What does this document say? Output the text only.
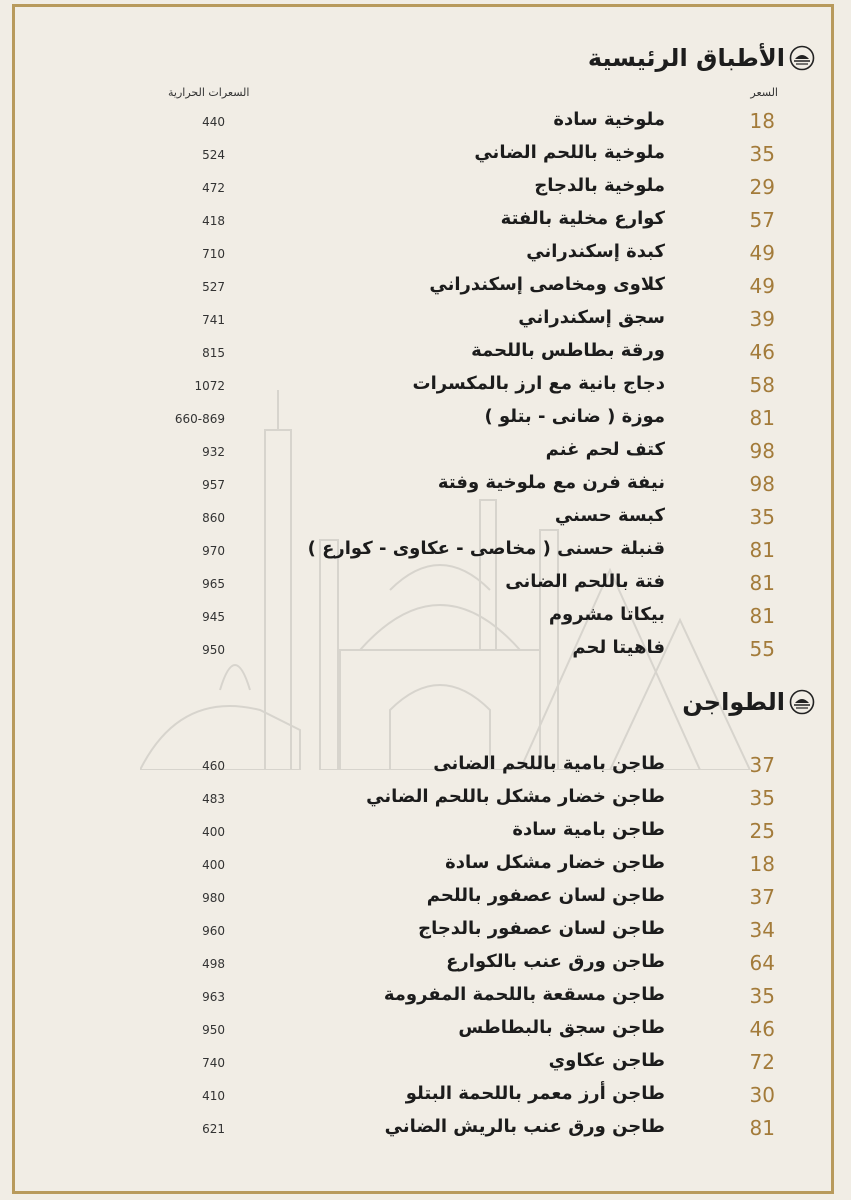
الأطباق الرئيسية
السعر
السعرات الحرارية
18
ملوخية سادة
440
35
ملوخية باللحم الضاني
524
29
ملوخية بالدجاج
472
57
كوارع مخلية بالفتة
418
49
كبدة إسكندراني
710
49
كلاوى ومخاصى إسكندراني
527
39
سجق إسكندراني
741
46
ورقة بطاطس باللحمة
815
58
دجاج بانية مع ارز بالمكسرات
1072
81
موزة ( ضانى - بتلو )
660-869
98
كتف لحم غنم
932
98
نيفة فرن مع ملوخية وفتة
957
35
كبسة حسني
860
81
قنبلة حسنى ( مخاصى - عكاوى - كوارع )
970
81
فتة باللحم الضانى
965
81
بيكاتا مشروم
945
55
فاهيتا لحم
950
الطواجن
37
طاجن بامية باللحم الضانى
460
35
طاجن خضار مشكل باللحم الضاني
483
25
طاجن بامية سادة
400
18
طاجن خضار مشكل سادة
400
37
طاجن لسان عصفور باللحم
980
34
طاجن لسان عصفور بالدجاج
960
64
طاجن ورق عنب بالكوارع
498
35
طاجن مسقعة باللحمة المفرومة
963
46
طاجن سجق بالبطاطس
950
72
طاجن عكاوي
740
30
طاجن أرز معمر باللحمة البتلو
410
81
طاجن ورق عنب بالريش الضاني
621
